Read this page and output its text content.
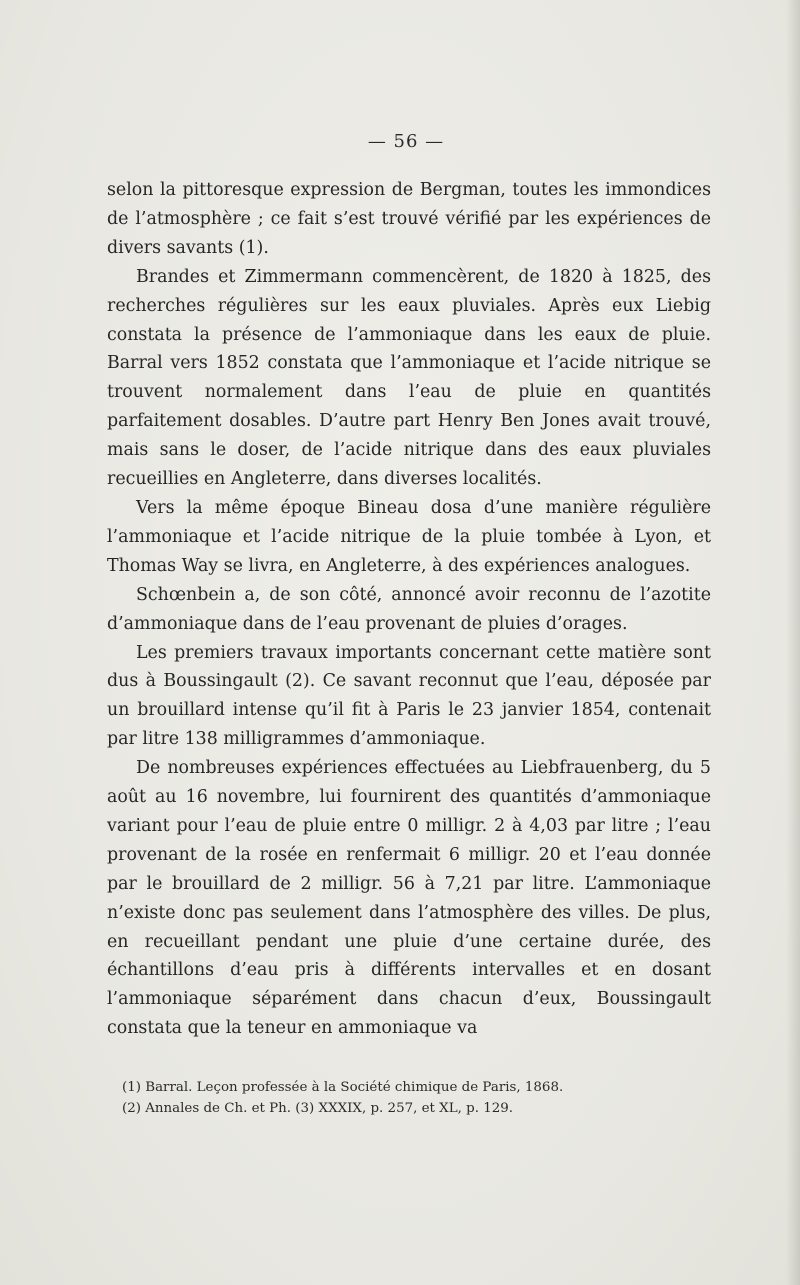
— 56 —

selon la pittoresque expression de Bergman, toutes les immondices de l’atmosphère ; ce fait s’est trouvé vérifié par les expériences de divers savants (1).

Brandes et Zimmermann commencèrent, de 1820 à 1825, des recherches régulières sur les eaux pluviales. Après eux Liebig constata la présence de l’ammoniaque dans les eaux de pluie. Barral vers 1852 constata que l’ammoniaque et l’acide nitrique se trouvent normalement dans l’eau de pluie en quantités parfaitement dosables. D’autre part Henry Ben Jones avait trouvé, mais sans le doser, de l’acide nitrique dans des eaux pluviales recueillies en Angleterre, dans diverses localités.

Vers la même époque Bineau dosa d’une manière régulière l’ammoniaque et l’acide nitrique de la pluie tombée à Lyon, et Thomas Way se livra, en Angleterre, à des expériences analogues.

Schœnbein a, de son côté, annoncé avoir reconnu de l’azotite d’ammoniaque dans de l’eau provenant de pluies d’orages.

Les premiers travaux importants concernant cette matière sont dus à Boussingault (2). Ce savant reconnut que l’eau, déposée par un brouillard intense qu’il fit à Paris le 23 janvier 1854, contenait par litre 138 milligrammes d’ammoniaque.

De nombreuses expériences effectuées au Liebfrauenberg, du 5 août au 16 novembre, lui fournirent des quantités d’ammoniaque variant pour l’eau de pluie entre 0 milligr. 2 à 4,03 par litre ; l’eau provenant de la rosée en renfermait 6 milligr. 20 et l’eau donnée par le brouillard de 2 milligr. 56 à 7,21 par litre. L’ammoniaque n’existe donc pas seulement dans l’atmosphère des villes. De plus, en recueillant pendant une pluie d’une certaine durée, des échantillons d’eau pris à différents intervalles et en dosant l’ammoniaque séparément dans chacun d’eux, Boussingault constata que la teneur en ammoniaque va

(1) Barral. Leçon professée à la Société chimique de Paris, 1868.

(2) Annales de Ch. et Ph. (3) XXXIX, p. 257, et XL, p. 129.
